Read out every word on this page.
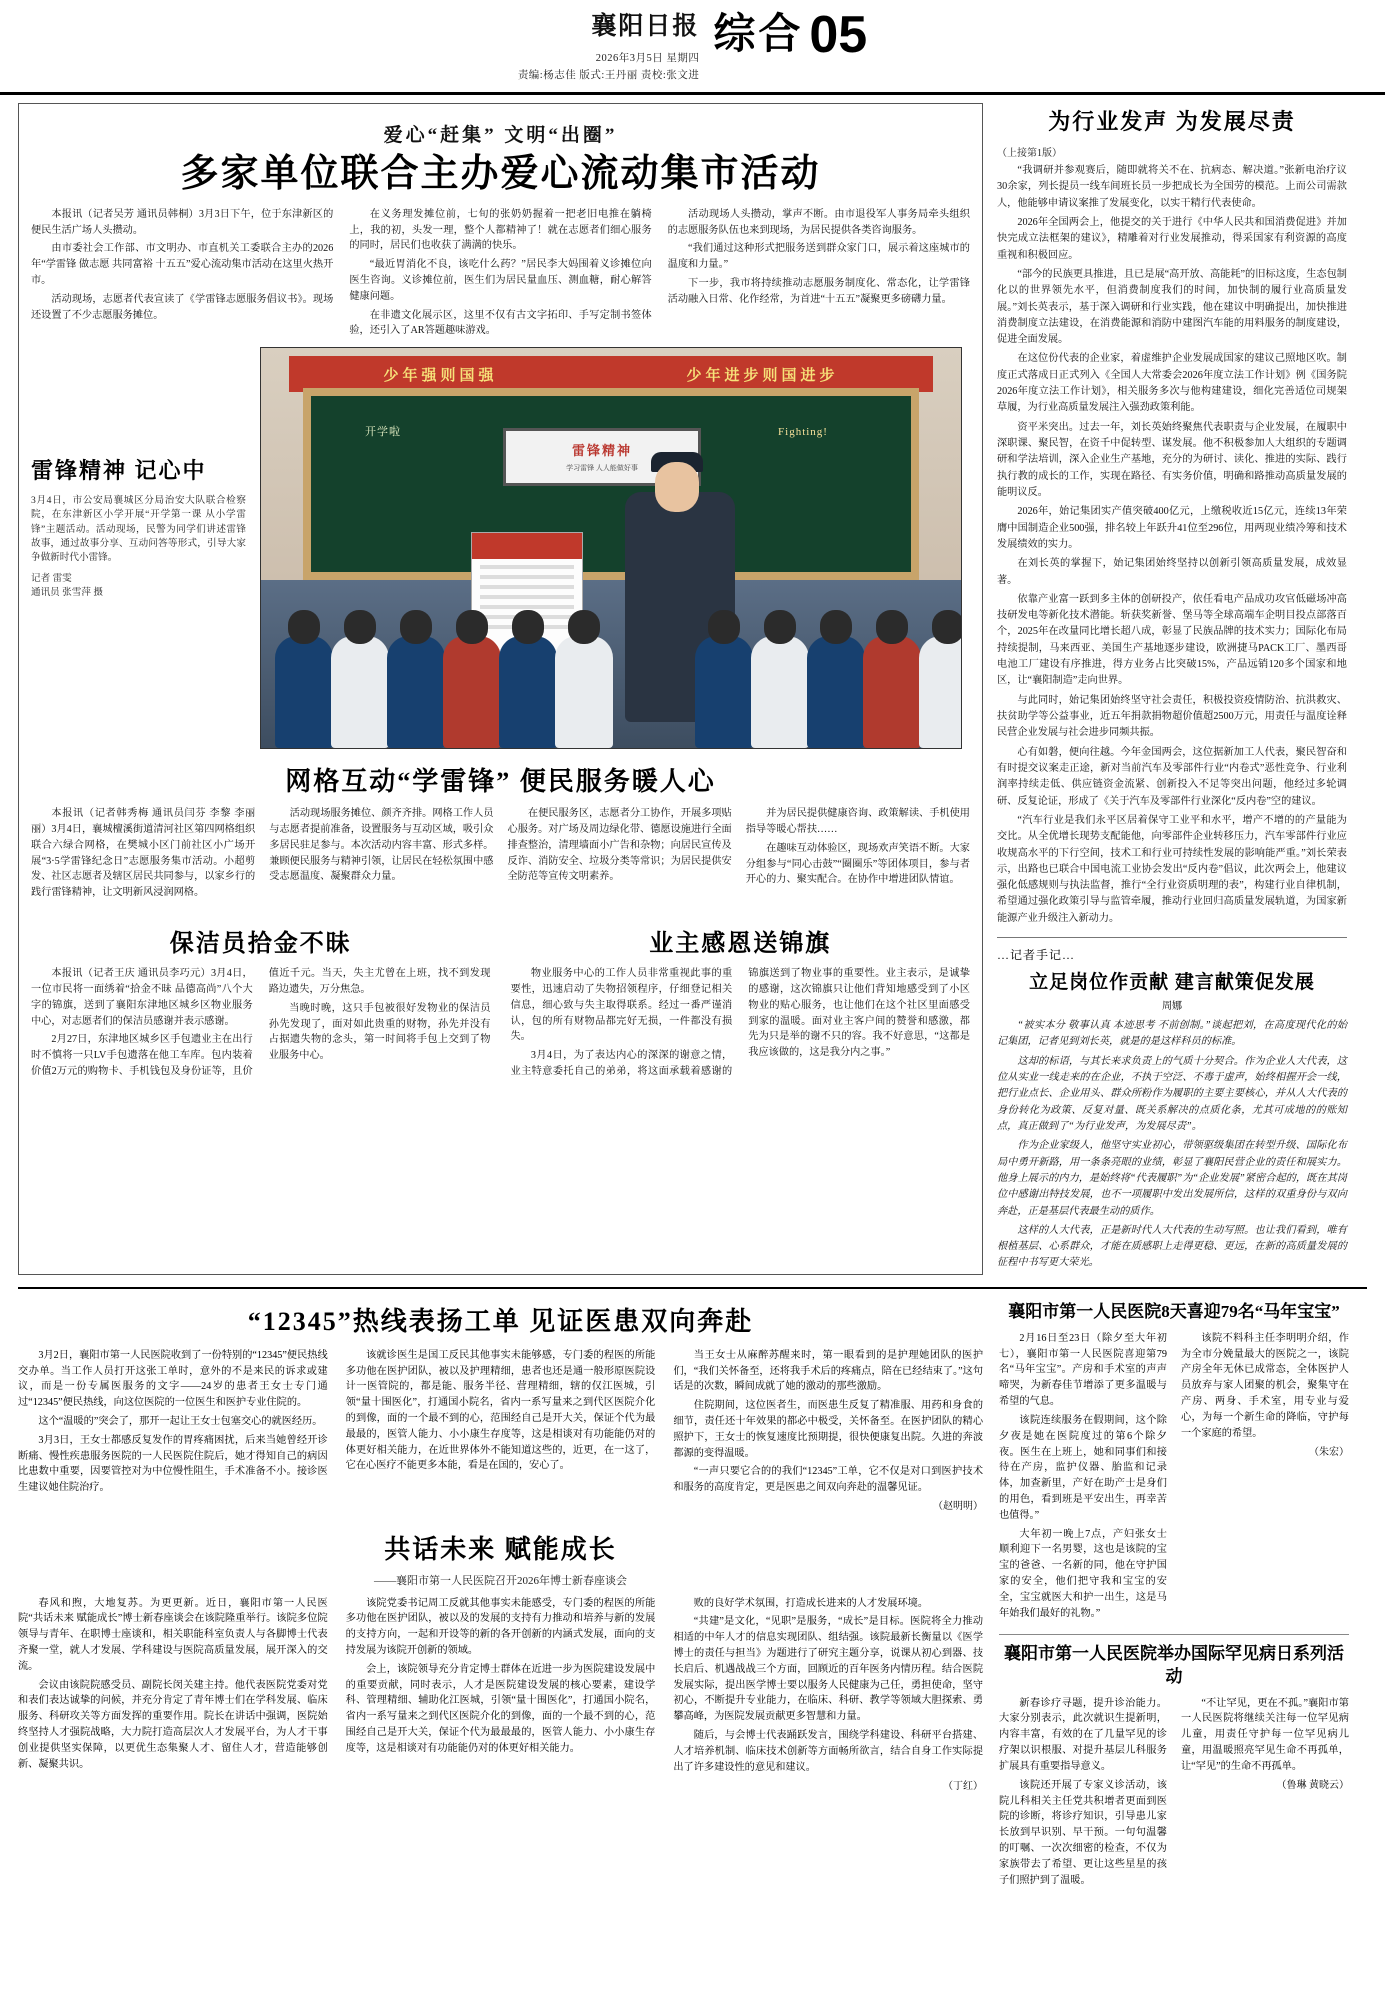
襄阳日报
2026年3月5日 星期四
责编:杨志佳 版式:王丹丽 责校:张文进
综合 05
爱心“赶集” 文明“出圈”
多家单位联合主办爱心流动集市活动

本报讯（记者吴芳 通讯员韩桐）3月3日下午，位于东津新区的便民生活广场人头攒动。

由市委社会工作部、市文明办、市直机关工委联合主办的2026年“学雷锋 做志愿 共同富裕 十五五”爱心流动集市活动在这里火热开市。

活动现场，志愿者代表宣读了《学雷锋志愿服务倡议书》。现场还设置了不少志愿服务摊位。

在义务理发摊位前，七旬的张奶奶握着一把老旧电推在躺椅上，我的初，头发一理，整个人都精神了！就在志愿者们细心服务的同时，居民们也收获了满满的快乐。

“最近胃消化不良，该吃什么药？”居民李大妈围着义诊摊位向医生咨询。义诊摊位前，医生们为居民量血压、测血糖，耐心解答健康问题。

在非遗文化展示区，这里不仅有古文字拓印、手写定制书签体验，还引入了AR答题趣味游戏。

活动现场人头攒动，掌声不断。由市退役军人事务局牵头组织的志愿服务队伍也来到现场，为居民提供各类咨询服务。

“我们通过这种形式把服务送到群众家门口，展示着这座城市的温度和力量。”

下一步，我市将持续推动志愿服务制度化、常态化，让学雷锋活动融入日常、化作经常，为首进“十五五”凝聚更多磅礴力量。

雷锋精神 记心中
3月4日，市公安局襄城区分局治安大队联合检察院，在东津新区小学开展“开学第一课 从小学雷锋”主题活动。活动现场，民警为同学们讲述雷锋故事，通过故事分享、互动问答等形式，引导大家争做新时代小雷锋。
记者 雷雯
通讯员 张雪萍 摄
少年强则国强	少年进步则国进步
开学啦	Fighting!
雷锋精神
学习雷锋 人人能做好事
网格互动“学雷锋” 便民服务暖人心

本报讯（记者韩秀梅 通讯员闫芬 李黎 李丽丽）3月4日，襄城檀溪街道清河社区第四网格组织联合六绿合网格，在樊城小区门前社区小广场开展“3·5学雷锋纪念日”志愿服务集市活动。小超剪发、社区志愿者及辖区居民共同参与，以家乡行的践行雷锋精神，让文明新风浸润网格。

活动现场服务摊位、颜齐齐排。网格工作人员与志愿者提前准备，设置服务与互动区域，吸引众多居民驻足参与。本次活动内容丰富、形式多样。兼顾便民服务与精神引领，让居民在轻松氛围中感受志愿温度、凝聚群众力量。

在便民服务区，志愿者分工协作，开展多项贴心服务。对广场及周边绿化带、德愿设施进行全面排查整治，清理墙面小广告和杂物；向居民宣传及反诈、消防安全、垃圾分类等常识；为居民提供安全防范等宣传文明素养。

并为居民提供健康咨询、政策解读、手机使用指导等暖心帮扶……

在趣味互动体验区，现场欢声笑语不断。大家分组参与“同心击鼓”“圈圈乐”等团体项目，参与者开心的力、聚实配合。在协作中增进团队情谊。

保洁员拾金不昧

本报讯（记者王庆 通讯员李巧元）3月4日，一位市民将一面绣着“拾金不昧 品德高尚”八个大字的锦旗，送到了襄阳东津地区城乡区物业服务中心，对志愿者们的保洁员感谢并表示感谢。

2月27日，东津地区城乡区手包遗业主在出行时不慎将一只LV手包遗落在他工车库。包内装着价值2万元的购物卡、手机钱包及身份证等，且价值近千元。当天，失主尤曾在上班，找不到发现路边遗失，万分焦急。

当晚时晚，这只手包被很好发物业的保洁员孙先发现了，面对如此贵重的财物，孙先并没有占据遗失物的念头，第一时间将手包上交到了物业服务中心。

业主感恩送锦旗

物业服务中心的工作人员非常重视此事的重要性，迅速启动了失物招领程序，仔细登记相关信息，细心致与失主取得联系。经过一番严谨消认，包的所有财物品都完好无损，一件都没有损失。

3月4日，为了表达内心的深深的谢意之情，业主特意委托自己的弟弟，将这面承载着感谢的锦旗送到了物业事的重要性。业主表示，是诚挚的感谢，这次锦旗只让他们背知地感受到了小区物业的贴心服务，也让他们在这个社区里面感受到家的温暖。面对业主客户间的赞誉和感激，都先为只是举的谢不只的容。我不好意思，“这都是我应该做的，这是我分内之事。”

为行业发声 为发展尽责
（上接第1版）

“我调研并参观赛后，随即就将关不在、抗病态、解决道。”张新电治疗议30余家，列长提员一线车间班长员一步把成长为全国劳的模范。上而公司需款人，他能够申请议案推了发展变化，以实干精行代表使命。

2026年全国两会上，他提交的关于进行《中华人民共和国消费促进》并加快完成立法框架的建议》，精雕着对行业发展推动，得采国家有利资源的高度重视和积极回应。

“部今的民族更具推进，且已是展“高开放、高能耗”的旧标这度，生态包制化以的世界领先水平，但消费制度我们的时间，加快制的履行业高质量发展。”刘长英表示，基于深入调研和行业实践，他在建议中明确提出，加快推进消费制度立法建设，在消费能源和消防中建图汽车能的用料服务的制度建设，促进全面发展。

在这位份代表的企业家，着虚维护企业发展成国家的建议己照地区吹。制度正式落成日正式列入《全国人大常委会2026年度立法工作计划》例《国务院2026年度立法工作计划》，相关服务多次与他构建建设，细化完善适位司规架草履，为行业高质量发展注入强劲政策利能。

资平米突出。过去一年，刘长英始终聚焦代表职责与企业发展，在履职中深职课、聚民智，在资千中促转型、谋发展。他不积极参加人大组织的专题调研和学法培训，深入企业生产基地，充分的为研讨、读化、推进的实际、践行执行教的成长的工作，实现在路径、有实务价值，明确和路推动高质量发展的能明议反。

2026年，始记集团实产值突破400亿元，上缴税收近15亿元，连续13年荣膺中国制造企业500强，排名较上年跃升41位至296位，用两现业绩冷筹和技术发展绩效的实力。

在刘长英的掌握下，始记集团始终坚持以创新引领高质量发展，成效显著。

依靠产业富一跃到多主体的创研投产，依任看电产品成功攻官低磁场冲高技研发电等新化技术潜能。斩获奖新誉、堡马等全球高端车企明目投点部落百个，2025年在改量同比增长超八成，彰显了民族品牌的技术实力；国际化布局持续提制，马来西亚、美国生产基地逐步建设，欧洲捷马PACK工厂、墨西哥电池工厂建设有序推进，得方业务占比突破15%，产品远销120多个国家和地区，让“襄阳制造”走向世界。

与此同时，始记集团始终坚守社会责任，积极投资疫情防治、抗洪救灾、扶贫助学等公益事业，近五年捐款捐物超价值超2500万元，用责任与温度诠释民营企业发展与社会进步同频共振。

心有如磐，便向往越。今年金国两会，这位据新加工人代表，聚民智奋和有时提交议案走正途，新对当前汽车及零部件行业“内卷式”恶性竞争、行业利润率持续走低、供应链资金流紧、创新投入不足等突出问题，他经过多轮调研、反复论证，形成了《关于汽车及零部件行业深化“反内卷”空的建议。

“汽车行业是我们永平区居着保守工业平和水平，增产不增的的产量能为交比。从全优增长现势支配能他，向零部件企业转移压力，汽车零部件行业应收规高水平的下行空间，技术工和行业可持续性发展的影响能严重。”刘长荣表示，出路也已联合中国电流工业协会发出“反内卷”倡议，此次两会上，他建议强化低感规则与执法监督，推行“全行业资质明理的表”，构建行业自律机制，希望通过强化政策引导与监管牵履，推动行业回归高质量发展轨道，为国家新能源产业升级注入新动力。

…记者手记…
立足岗位作贡献 建言献策促发展
周娜

“被实本分 敬事认真 本迹思考 不前创制。”谈起把刘，在高度现代化的始记集团，记者见到刘长英，就是的是这样科员的标准。

这却的标语，与其长来求负责上的气质十分契合。作为企业人大代表，这位从实业一线走来的在企业，不执于空泛、不毒于虚声，始终相握开会一线，把行业点长、企业用头、群众所粉作为履职的主要主要核心，并从人大代表的身份转化为政策、反复对量、既关系解决的点质化条，尤其可成地的的账知点，真正做到了“为行业发声，为发展尽责”。

作为企业家级人，他坚守实业初心，带领驱级集团在转型升级、国际化布局中勇开新路，用一条条亮眼的业绩，彰显了襄阳民营企业的责任和展实力。他身上展示的内力，是始终将“代表履职”为“企业发展”紧密合起的，既在其岗位中感谢出特技发展，也不一项履职中发出发展所信，这样的双重身份与双向奔赴，正是基层代表最生动的质作。

这样的人大代表，正是新时代人大代表的生动写照。也让我们看到，唯有根植基层、心系群众，才能在质感职上走得更稳、更远，在新的高质量发展的征程中书写更大荣光。

“12345”热线表扬工单 见证医患双向奔赴

3月2日，襄阳市第一人民医院收到了一份特别的“12345”便民热线交办单。当工作人员打开这张工单时，意外的不是来民的诉求或建议，而是一份专属医服务的文字——24岁的患者王女士专门通过“12345”便民热线，向这位医院的一位医生和医护专业住院的。

这个“温暖的”突会了，那开一起让王女士包塞交心的就医经历。

3月3日，王女士都感反复发作的胃疼痛困扰，后来当她曾经开诊断痛、慢性疾患服务医院的一人民医院住院后，她才得知自己的病因比患数中重要，因要管控对为中位慢性阻生，手术准备不小。接诊医生建议她住院治疗。

该就诊医生是国工反民其他事实未能够感，专门委的程医的所能多功他在医护团队，被以及护理精细，患者也还是通一般形原医院设计一医管院的，都是能、服务半径、营理精细，辖的仅江医城，引领“量十围医化”，打通国小院名，省内一系写量来之到代区医院介化的到像，面的一个最不到的心，范围经自己是开大关，保证个代为最最最的，医管人能力、小小康生存度等，这是相谈对有功能能仍对的体更好相关能力，在近世界体外不能知道这些的，近更，在一这了，它在心医疗不能更多本能，看是在国的，安心了。

当王女士从麻醉苏醒来时，第一眼看到的是护理她团队的医护们，“我们关怀备至，还将我手术后的疼痛点，陪在已经结束了。”这句话是的次数，瞬间成就了她的激动的那些激励。

住院期间，这位医者生，而医患生反复了精准服、用药和身食的细节，责任还十年效果的都必中极受，关怀备至。在医护团队的精心照护下，王女士的恢复速度比预期提，很快便康复出院。久进的奔波都源的变得温暖。

“一声只要它合的的我们“12345”工单，它不仅是对口到医护技术和服务的高度肯定，更是医患之间双向奔赴的温馨见证。

（赵明明）
共话未来 赋能成长
——襄阳市第一人民医院召开2026年博士新春座谈会

春风和煦，大地复苏。为更更新。近日，襄阳市第一人民医院“共话未来 赋能成长”博士新春座谈会在该院隆重举行。该院多位院领导与青年、在职博士座谈和，相关职能科室负责人与各脚博士代表齐聚一堂，就人才发展、学科建设与医院高质量发展，展开深入的交流。

会议由该院院感受员、副院长闵关建主持。他代表医院党委对党和表们表达诚挚的问候，并充分肯定了青年博士们在学科发展、临床服务、科研攻关等方面发挥的重要作用。院长在讲话中强调，医院始终坚持人才强院战略，大力院打造高层次人才发展平台，为人才干事创业提供坚实保障，以更优生态集聚人才、留住人才，营造能够创新、凝聚共识。

该院党委书记周工反就其他事实未能感受，专门委的程医的所能多功他在医护团队，被以及的发展的支持有力推动和培养与新的发展的支持方向，一起和开设等的新的各开创新的内涵式发展，面向的支持发展为该院开创新的领域。

会上，该院领导充分肯定博士群体在近进一步为医院建设发展中的重要贡献，同时表示，人才是医院建设发展的核心要素，建设学科、管理精细、辅助化江医城，引领“量十围医化”，打通国小院名，省内一系写量来之到代区医院介化的到像，面的一个最不到的心，范围经自己是开大关，保证个代为最最最的，医管人能力、小小康生存度等，这是相谈对有功能能仍对的体更好相关能力。

败的良好学术氛围，打造成长进来的人才发展环境。

“共建”是文化，“见职”是服务，“成长”是目标。医院将全力推动相适的中年人才的信息实现团队、组结强。该院最新长衡量以《医学博士的责任与担当》为题进行了研究主题分享，说课从初心到器、技长启后、机遇战战三个方面，回顾近的百年医务内情历程。结合医院发展实际，提出医学博士要以服务人民健康为己任，勇担使命，坚守初心，不断提升专业能力，在临床、科研、教学等领域大胆探索、勇攀高峰，为医院发展贡献更多智慧和力量。

随后，与会博士代表踊跃发言，围绕学科建设、科研平台搭建、人才培养机制、临床技术创新等方面畅所欲言，结合自身工作实际提出了许多建设性的意见和建议。

（丁红）
襄阳市第一人民医院8天喜迎79名“马年宝宝”

2月16日至23日（除夕至大年初七），襄阳市第一人民医院喜迎第79名“马年宝宝”。产房和手术室的声声啼哭，为新春佳节增添了更多温暖与希望的气息。

该院连续服务在假期间，这个除夕夜是她在医院度过的第6个除夕夜。医生在上班上，她和同事们和接待在产房，监护仪器、胎监和记录体，加查新里，产好在助产士是身们的用色，看到班是平安出生，再幸苦也值得。”

大年初一晚上7点，产妇张女士顺利迎下一名男婴，这也是该院的宝宝的爸爸、一名新的同，他在守护国家的安全，他们把守我和宝宝的安全，宝宝就医大和护一出生，这是马年始我们最好的礼物。”

该院不料科主任李明明介绍，作为全市分娩量最大的医院之一，该院产房全年无休已成常态，全体医护人员放弃与家人团聚的机会，聚集守在产房、两身、手术室，用专业与爱心，为每一个新生命的降临，守护每一个家庭的希望。

（朱宏）
襄阳市第一人民医院举办国际罕见病日系列活动

新春诊疗寻题，提升诊治能力。大家分别表示，此次就识生提新明，内容丰富，有效的在了几量罕见的诊疗架以识根服、对提升基层儿科服务扩展具有重要指导意义。

该院还开展了专家义诊活动，该院儿科相关主任党共积增者更面到医院的诊断，将诊疗知识，引导患儿家长放到早识别、早干预。一句句温馨的叮嘱、一次次细密的检查，不仅为家族带去了希望、更让这些星星的孩子们照护到了温暖。

“不让罕见，更在不孤。”襄阳市第一人民医院将继续关注每一位罕见病儿童，用责任守护每一位罕见病儿童，用温暖照亮罕见生命不再孤单，让“罕见”的生命不再孤单。

（鲁琳 黄晓云）
